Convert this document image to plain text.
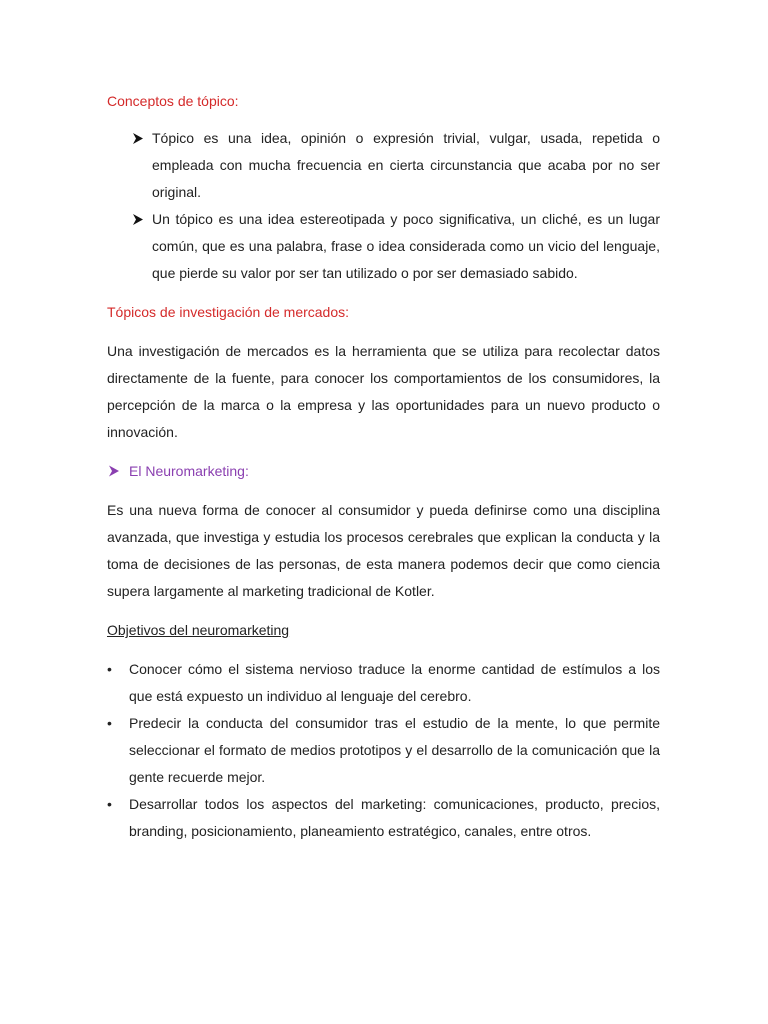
Conceptos de tópico:

Tópico es una idea, opinión o expresión trivial, vulgar, usada, repetida o empleada con mucha frecuencia en cierta circunstancia que acaba por no ser original.
Un tópico es una idea estereotipada y poco significativa, un cliché, es un lugar común, que es una palabra, frase o idea considerada como un vicio del lenguaje, que pierde su valor por ser tan utilizado o por ser demasiado sabido.

Tópicos de investigación de mercados:

Una investigación de mercados es la herramienta que se utiliza para recolectar datos directamente de la fuente, para conocer los comportamientos de los consumidores, la percepción de la marca o la empresa y las oportunidades para un nuevo producto o innovación.

El Neuromarketing:

Es una nueva forma de conocer al consumidor y pueda definirse como una disciplina avanzada, que investiga y estudia los procesos cerebrales que explican la conducta y la toma de decisiones de las personas, de esta manera podemos decir que como ciencia supera largamente al marketing tradicional de Kotler.

Objetivos del neuromarketing

•	Conocer cómo el sistema nervioso traduce la enorme cantidad de estímulos a los que está expuesto un individuo al lenguaje del cerebro.
•	Predecir la conducta del consumidor tras el estudio de la mente, lo que permite seleccionar el formato de medios prototipos y el desarrollo de la comunicación que la gente recuerde mejor.
•	Desarrollar todos los aspectos del marketing: comunicaciones, producto, precios, branding, posicionamiento, planeamiento estratégico, canales, entre otros.
